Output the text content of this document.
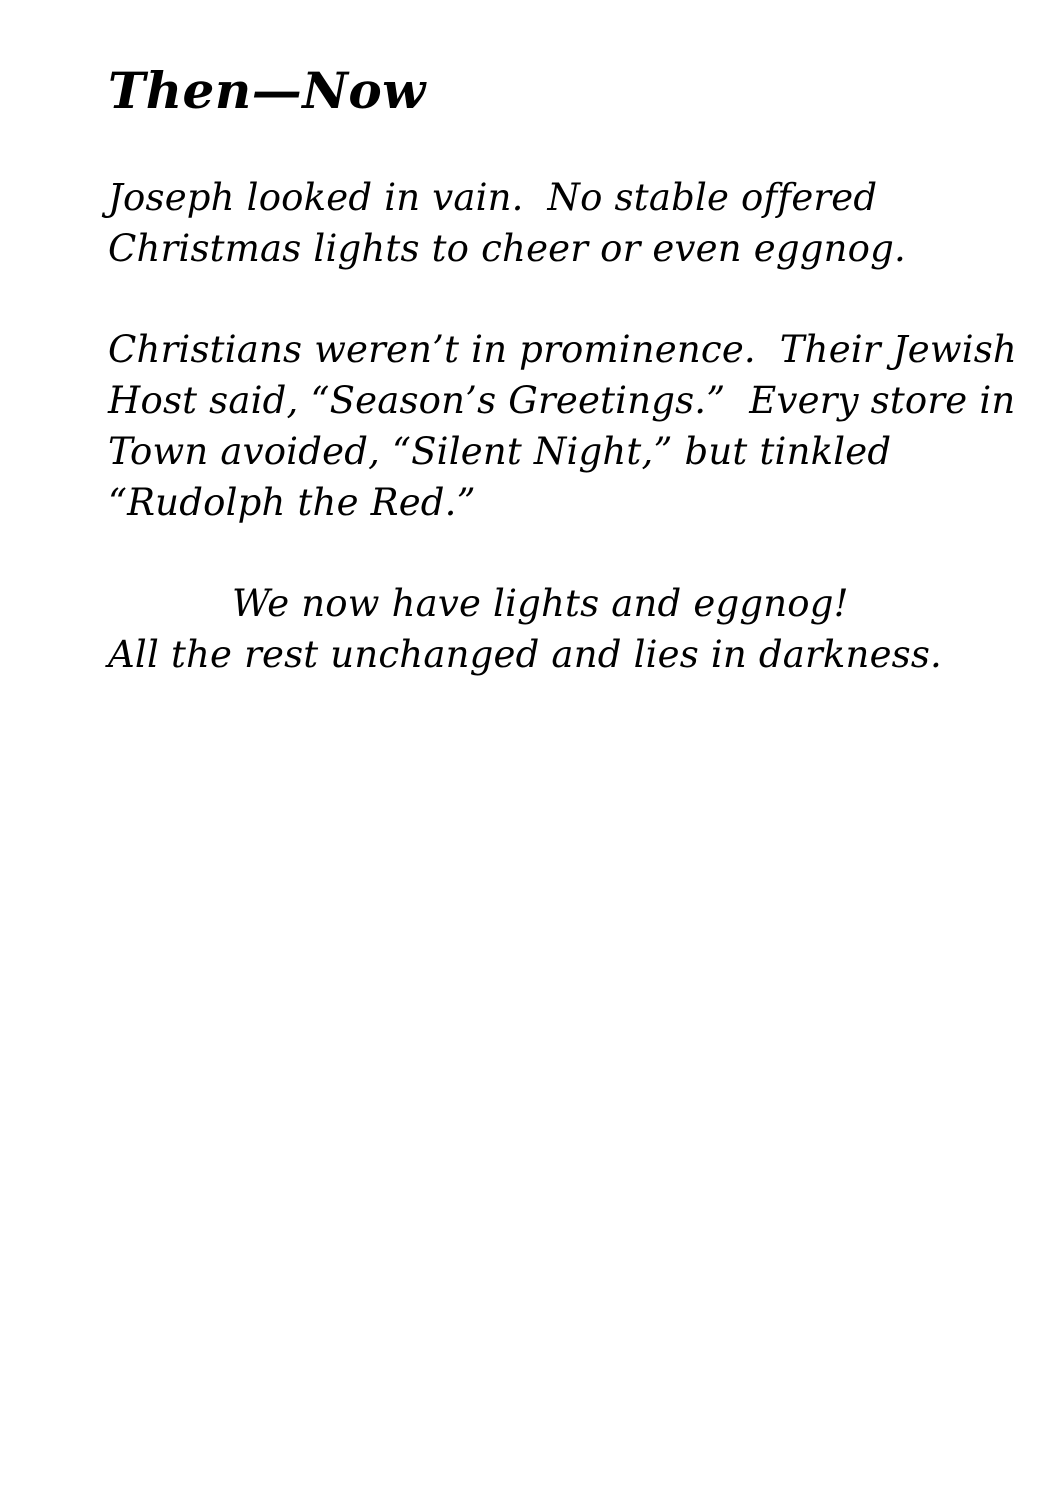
Then—Now

Joseph looked in vain.  No stable offered
Christmas lights to cheer or even eggnog.

Christians weren’t in prominence.  Their Jewish
Host said, “Season’s Greetings.”  Every store in
Town avoided, “Silent Night,” but tinkled
“Rudolph the Red.”

We now have lights and eggnog!
All the rest unchanged and lies in darkness.
